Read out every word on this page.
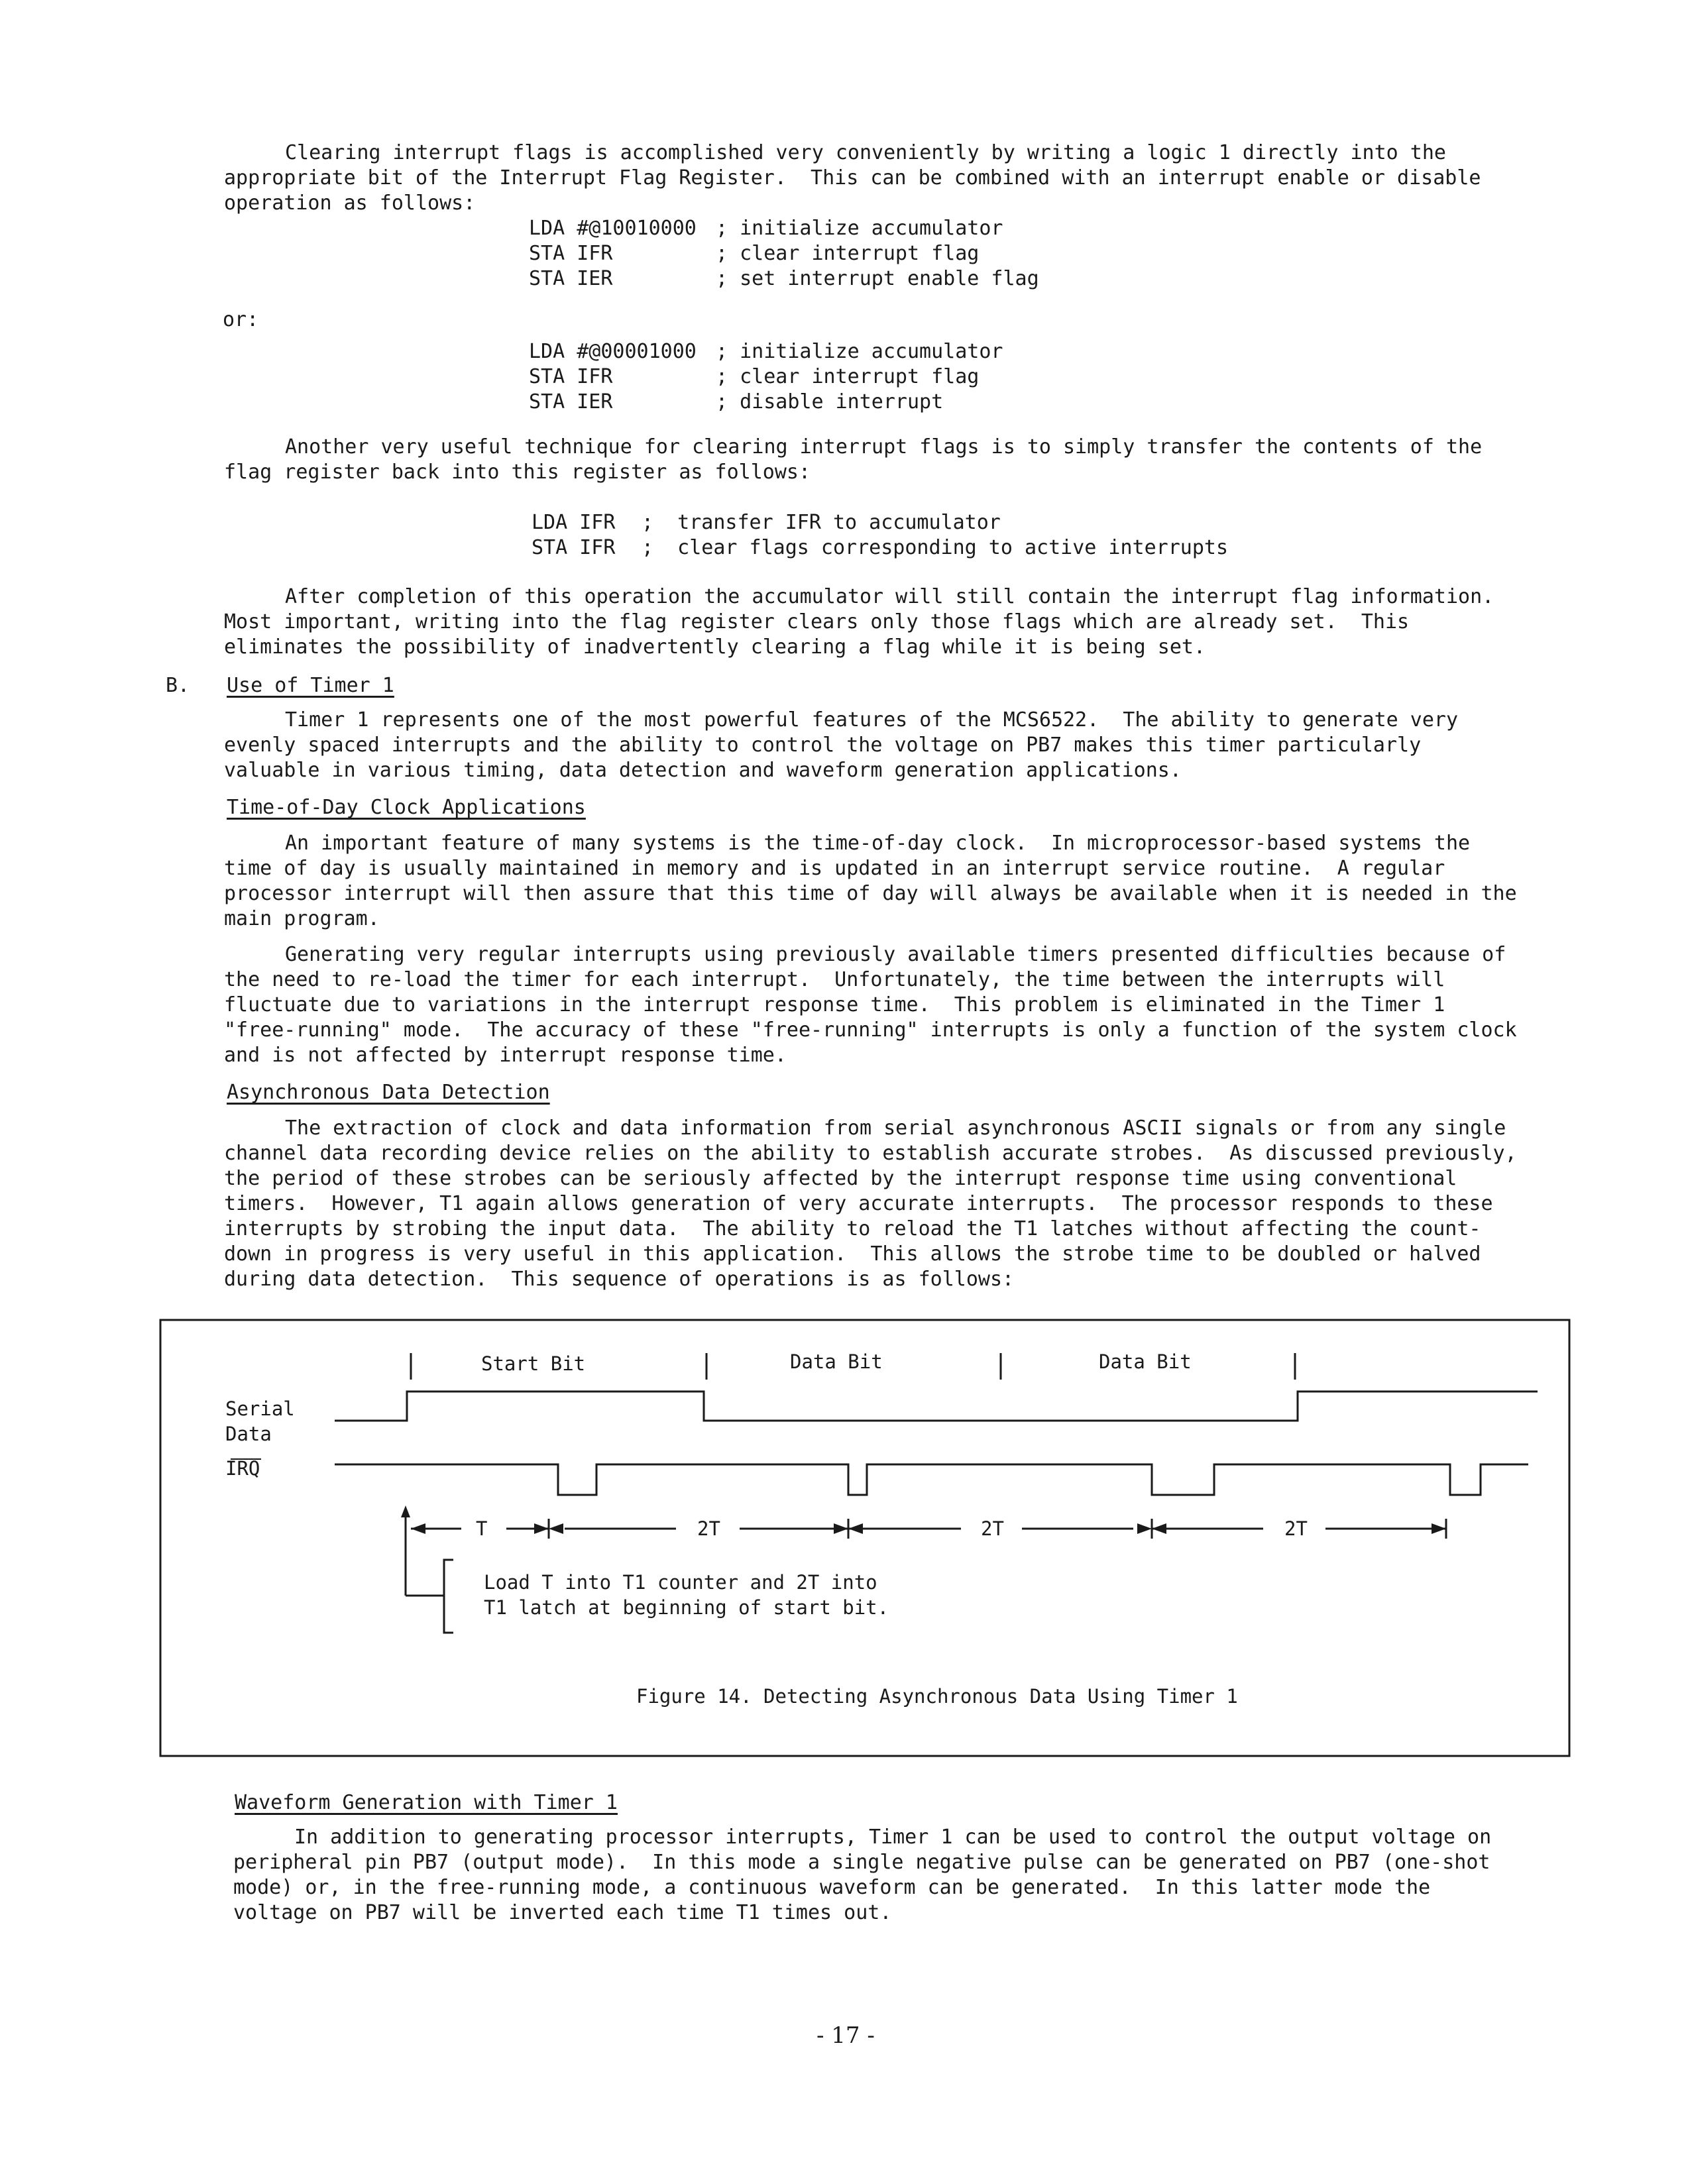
Clearing interrupt flags is accomplished very conveniently by writing a logic 1 directly into the appropriate bit of the Interrupt Flag Register.  This can be combined with an interrupt enable or disable operation as follows:
LDA #@10010000 ; initialize accumulator
STA IFR	; clear interrupt flag
STA IER	; set interrupt enable flag
or:
LDA #@00001000 ; initialize accumulator
STA IFR	; clear interrupt flag
STA IER	; disable interrupt
Another very useful technique for clearing interrupt flags is to simply transfer the contents of the flag register back into this register as follows:
LDA IFR ;  transfer IFR to accumulator
STA IFR ;  clear flags corresponding to active interrupts
After completion of this operation the accumulator will still contain the interrupt flag information. Most important, writing into the flag register clears only those flags which are already set.  This eliminates the possibility of inadvertently clearing a flag while it is being set.
B. Use of Timer 1
Timer 1 represents one of the most powerful features of the MCS6522.  The ability to generate very evenly spaced interrupts and the ability to control the voltage on PB7 makes this timer particularly valuable in various timing, data detection and waveform generation applications.
Time-of-Day Clock Applications
An important feature of many systems is the time-of-day clock.  In microprocessor-based systems the time of day is usually maintained in memory and is updated in an interrupt service routine.  A regular processor interrupt will then assure that this time of day will always be available when it is needed in the main program.
Generating very regular interrupts using previously available timers presented difficulties because of the need to re-load the timer for each interrupt.  Unfortunately, the time between the interrupts will fluctuate due to variations in the interrupt response time.  This problem is eliminated in the Timer 1 "free-running" mode.  The accuracy of these "free-running" interrupts is only a function of the system clock and is not affected by interrupt response time.
Asynchronous Data Detection
The extraction of clock and data information from serial asynchronous ASCII signals or from any single channel data recording device relies on the ability to establish accurate strobes.  As discussed previously, the period of these strobes can be seriously affected by the interrupt response time using conventional timers.  However, T1 again allows generation of very accurate interrupts.  The processor responds to these interrupts by strobing the input data.  The ability to reload the T1 latches without affecting the count-down in progress is very useful in this application.  This allows the strobe time to be doubled or halved during data detection.  This sequence of operations is as follows:
Start Bit	Data Bit	Data Bit
Serial
Data
IRQ
T	2T	2T	2T
Load T into T1 counter and 2T into
T1 latch at beginning of start bit.
Figure 14. Detecting Asynchronous Data Using Timer 1
Waveform Generation with Timer 1
In addition to generating processor interrupts, Timer 1 can be used to control the output voltage on peripheral pin PB7 (output mode).  In this mode a single negative pulse can be generated on PB7 (one-shot mode) or, in the free-running mode, a continuous waveform can be generated.  In this latter mode the voltage on PB7 will be inverted each time T1 times out.
- 17 -
